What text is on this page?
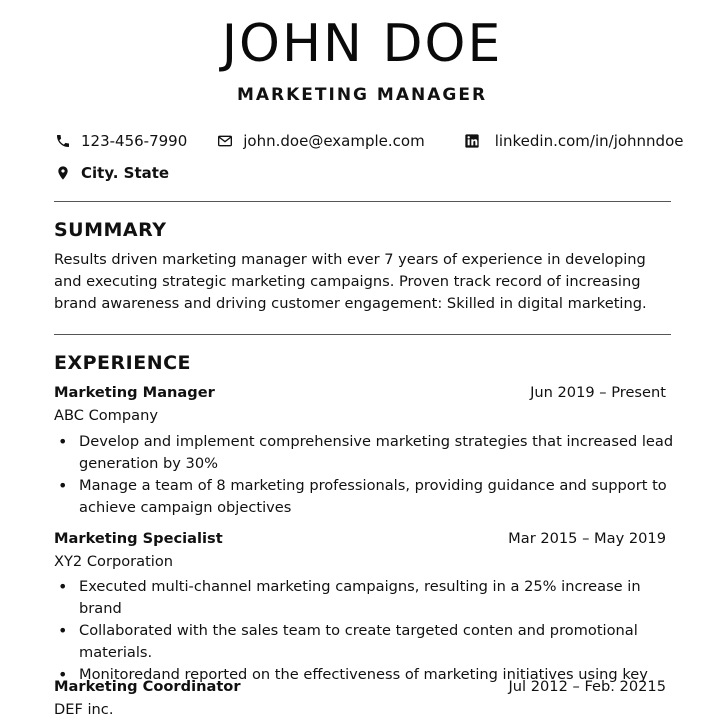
JOHN DOE
MARKETING MANAGER
123-456-7990	john.doe@example.com	linkedin.com/in/johnndoe
City. State
SUMMARY
Results driven marketing manager with ever 7 years of experience in developing and executing strategic marketing campaigns. Proven track record of increasing brand awareness and driving customer engagement: Skilled in digital marketing.
EXPERIENCE
Marketing Manager	Jun 2019 – Present
ABC Company
• Develop and implement comprehensive marketing strategies that increased lead generation by 30%
• Manage a team of 8 marketing professionals, providing guidance and support to achieve campaign objectives
Marketing Specialist	Mar 2015 – May 2019
XY2 Corporation
• Executed multi-channel marketing campaigns, resulting in a 25% increase in brand
• Collaborated with the sales team to create targeted conten and promotional materials.
• Monitoredand reported on the effectiveness of marketing initiatives using key
Marketing Coordinator	Jul 2012 – Feb. 20215
DEF inc.
